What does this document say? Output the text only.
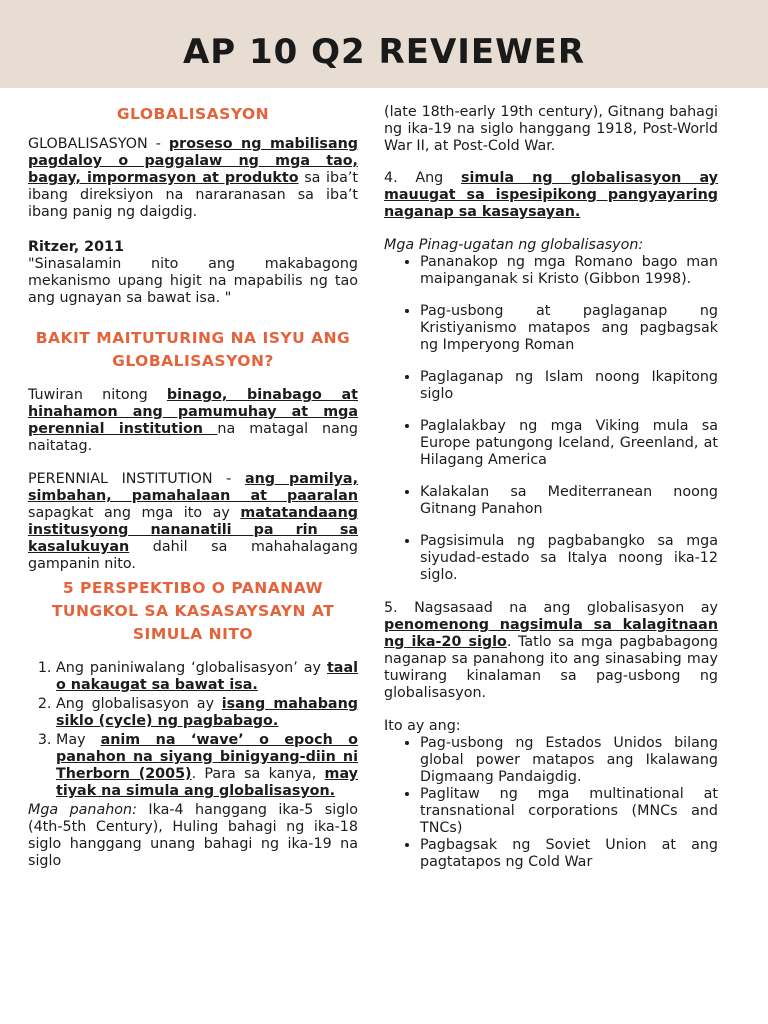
AP 10 Q2 REVIEWER
GLOBALISASYON

GLOBALISASYON - proseso ng mabilisang pagdaloy o paggalaw ng mga tao, bagay, impormasyon at produkto sa iba’t ibang direksiyon na nararanasan sa iba’t ibang panig ng daigdig.

Ritzer, 2011

"Sinasalamin nito ang makabagong mekanismo upang higit na mapabilis ng tao ang ugnayan sa bawat isa. "

BAKIT MAITUTURING NA ISYU ANG GLOBALISASYON?

Tuwiran nitong binago, binabago at hinahamon ang pamumuhay at mga perennial institution na matagal nang naitatag.

PERENNIAL INSTITUTION - ang pamilya, simbahan, pamahalaan at paaralan sapagkat ang mga ito ay matatandaang institusyong nananatili pa rin sa kasalukuyan dahil sa mahahalagang gampanin nito.

5 PERSPEKTIBO O PANANAW TUNGKOL SA KASASAYSAYN AT SIMULA NITO
1. Ang paniniwalang ‘globalisasyon’ ay taal o nakaugat sa bawat isa.
2. Ang globalisasyon ay isang mahabang siklo (cycle) ng pagbabago.
3. May anim na ‘wave’ o epoch o panahon na siyang binigyang-diin ni Therborn (2005). Para sa kanya, may tiyak na simula ang globalisasyon.

Mga panahon: Ika-4 hanggang ika-5 siglo (4th-5th Century), Huling bahagi ng ika-18 siglo hanggang unang bahagi ng ika-19 na siglo

(late 18th-early 19th century), Gitnang bahagi ng ika-19 na siglo hanggang 1918, Post-World War II, at Post-Cold War.

4. Ang simula ng globalisasyon ay mauugat sa ispesipikong pangyayaring naganap sa kasaysayan.

Mga Pinag-ugatan ng globalisasyon:

• Pananakop ng mga Romano bago man maipanganak si Kristo (Gibbon 1998).
• Pag-usbong at paglaganap ng Kristiyanismo matapos ang pagbagsak ng Imperyong Roman
• Paglaganap ng Islam noong Ikapitong siglo
• Paglalakbay ng mga Viking mula sa Europe patungong Iceland, Greenland, at Hilagang America
• Kalakalan sa Mediterranean noong Gitnang Panahon
• Pagsisimula ng pagbabangko sa mga siyudad-estado sa Italya noong ika-12 siglo.

5. Nagsasaad na ang globalisasyon ay penomenong nagsimula sa kalagitnaan ng ika-20 siglo. Tatlo sa mga pagbabagong naganap sa panahong ito ang sinasabing may tuwirang kinalaman sa pag-usbong ng globalisasyon.

Ito ay ang:

• Pag-usbong ng Estados Unidos bilang global power matapos ang Ikalawang Digmaang Pandaigdig.
• Paglitaw ng mga multinational at transnational corporations (MNCs and TNCs)
• Pagbagsak ng Soviet Union at ang pagtatapos ng Cold War
